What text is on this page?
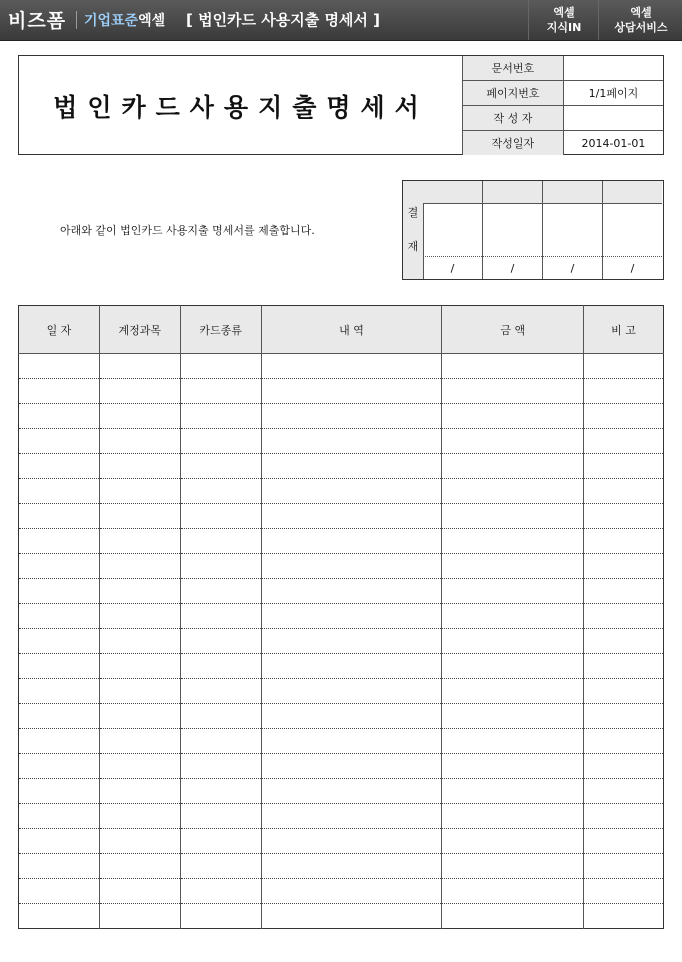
비즈폼 기업표준엑셀 [ 법인카드 사용지출 명세서 ]	엑셀
지식IN
엑셀
상담서비스
법인카드사용지출명세서
문서번호	
페이지번호	1/1페이지
작 성 자	
작성일자	2014-01-01
아래와 같이 법인카드 사용지출 명세서를 제출합니다.
결
재

/	/	/	/
일 자	계정과목	카드종류	내 역	금 액	비 고
